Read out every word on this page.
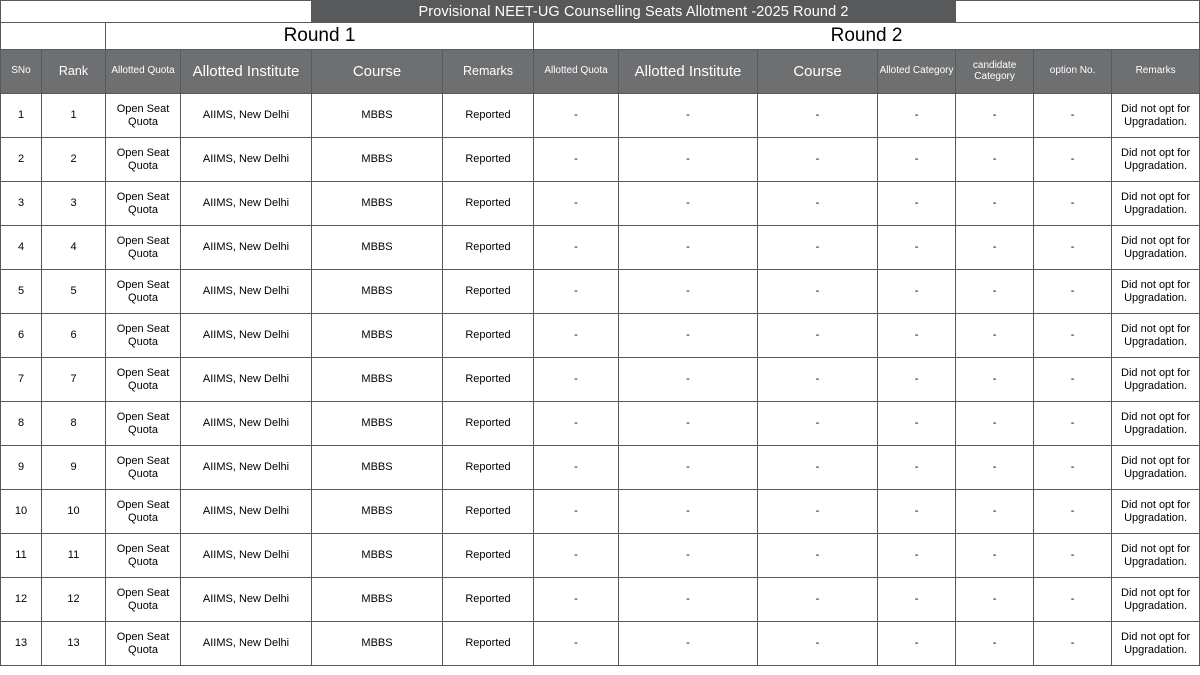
				Provisional NEET-UG Counselling Seats Allotment -2025 Round 2								
		Round 1				Round 2						
SNo	Rank	Allotted Quota	Allotted Institute	Course	Remarks	Allotted Quota	Allotted Institute	Course	Alloted Category	candidate Category	option No.	Remarks
1	1	Open Seat Quota	AIIMS, New Delhi	MBBS	Reported	-	-	-	-	-	-	Did not opt for Upgradation.
2	2	Open Seat Quota	AIIMS, New Delhi	MBBS	Reported	-	-	-	-	-	-	Did not opt for Upgradation.
3	3	Open Seat Quota	AIIMS, New Delhi	MBBS	Reported	-	-	-	-	-	-	Did not opt for Upgradation.
4	4	Open Seat Quota	AIIMS, New Delhi	MBBS	Reported	-	-	-	-	-	-	Did not opt for Upgradation.
5	5	Open Seat Quota	AIIMS, New Delhi	MBBS	Reported	-	-	-	-	-	-	Did not opt for Upgradation.
6	6	Open Seat Quota	AIIMS, New Delhi	MBBS	Reported	-	-	-	-	-	-	Did not opt for Upgradation.
7	7	Open Seat Quota	AIIMS, New Delhi	MBBS	Reported	-	-	-	-	-	-	Did not opt for Upgradation.
8	8	Open Seat Quota	AIIMS, New Delhi	MBBS	Reported	-	-	-	-	-	-	Did not opt for Upgradation.
9	9	Open Seat Quota	AIIMS, New Delhi	MBBS	Reported	-	-	-	-	-	-	Did not opt for Upgradation.
10	10	Open Seat Quota	AIIMS, New Delhi	MBBS	Reported	-	-	-	-	-	-	Did not opt for Upgradation.
11	11	Open Seat Quota	AIIMS, New Delhi	MBBS	Reported	-	-	-	-	-	-	Did not opt for Upgradation.
12	12	Open Seat Quota	AIIMS, New Delhi	MBBS	Reported	-	-	-	-	-	-	Did not opt for Upgradation.
13	13	Open Seat Quota	AIIMS, New Delhi	MBBS	Reported	-	-	-	-	-	-	Did not opt for Upgradation.
